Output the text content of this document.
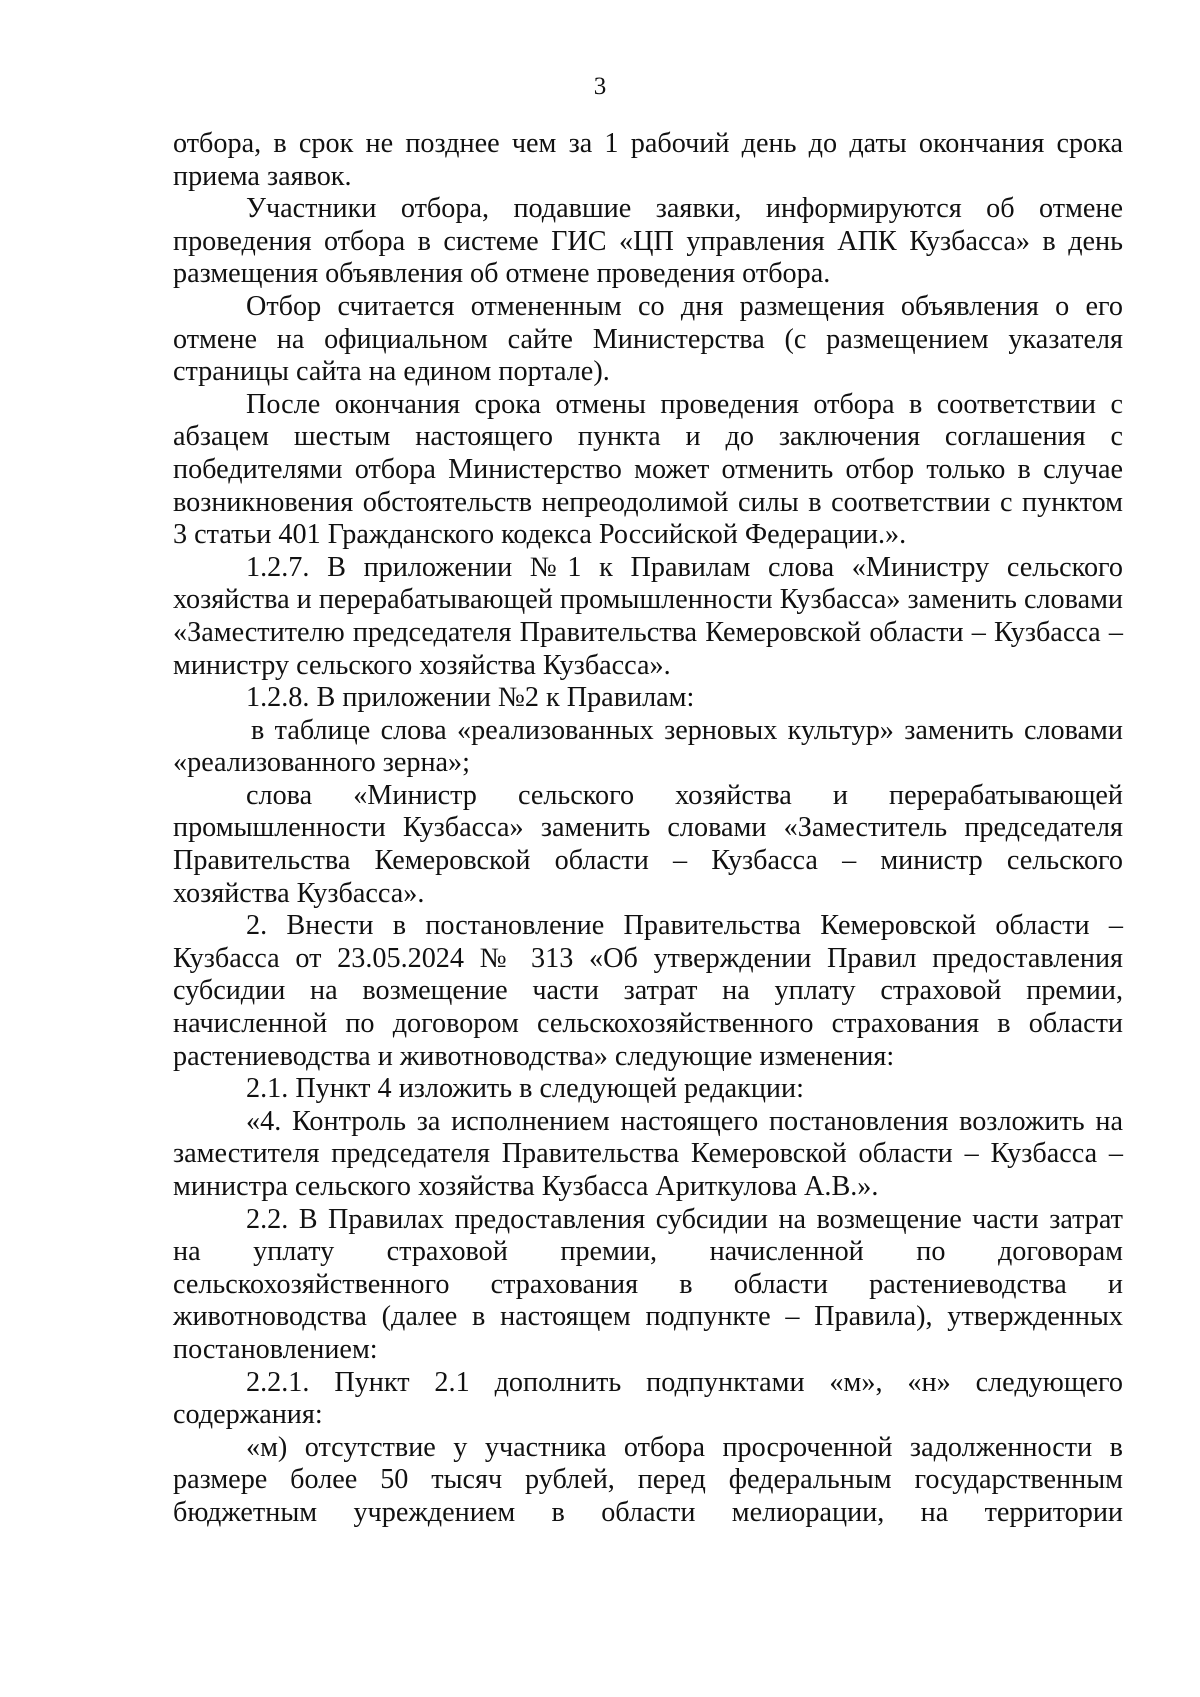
3

отбора, в срок не позднее чем за 1 рабочий день до даты окончания срока приема заявок.

Участники отбора, подавшие заявки, информируются об отмене проведения отбора в системе ГИС «ЦП управления АПК Кузбасса» в день размещения объявления об отмене проведения отбора.

Отбор считается отмененным со дня размещения объявления о его отмене на официальном сайте Министерства (с размещением указателя страницы сайта на едином портале).

После окончания срока отмены проведения отбора в соответствии с абзацем шестым настоящего пункта и до заключения соглашения с победителями отбора Министерство может отменить отбор только в случае возникновения обстоятельств непреодолимой силы в соответствии с пунктом 3 статьи 401 Гражданского кодекса Российской Федерации.».

1.2.7. В приложении №1 к Правилам слова «Министру сельского хозяйства и перерабатывающей промышленности Кузбасса» заменить словами «Заместителю председателя Правительства Кемеровской области – Кузбасса – министру сельского хозяйства Кузбасса».

1.2.8. В приложении №2 к Правилам:

в таблице слова «реализованных зерновых культур» заменить словами «реализованного зерна»;

слова «Министр сельского хозяйства и перерабатывающей промышленности Кузбасса» заменить словами «Заместитель председателя Правительства Кемеровской области – Кузбасса – министр сельского хозяйства Кузбасса».

2. Внести в постановление Правительства Кемеровской области – Кузбасса от 23.05.2024 № 313 «Об утверждении Правил предоставления субсидии на возмещение части затрат на уплату страховой премии, начисленной по договором сельскохозяйственного страхования в области растениеводства и животноводства» следующие изменения:

2.1. Пункт 4 изложить в следующей редакции:

«4. Контроль за исполнением настоящего постановления возложить на заместителя председателя Правительства Кемеровской области – Кузбасса – министра сельского хозяйства Кузбасса Ариткулова А.В.».

2.2. В Правилах предоставления субсидии на возмещение части затрат на уплату страховой премии, начисленной по договорам сельскохозяйственного страхования в области растениеводства и животноводства (далее в настоящем подпункте – Правила), утвержденных постановлением:

2.2.1. Пункт 2.1 дополнить подпунктами «м», «н» следующего содержания:

«м) отсутствие у участника отбора просроченной задолженности в размере более 50 тысяч рублей, перед федеральным государственным бюджетным учреждением в области мелиорации, на территории
